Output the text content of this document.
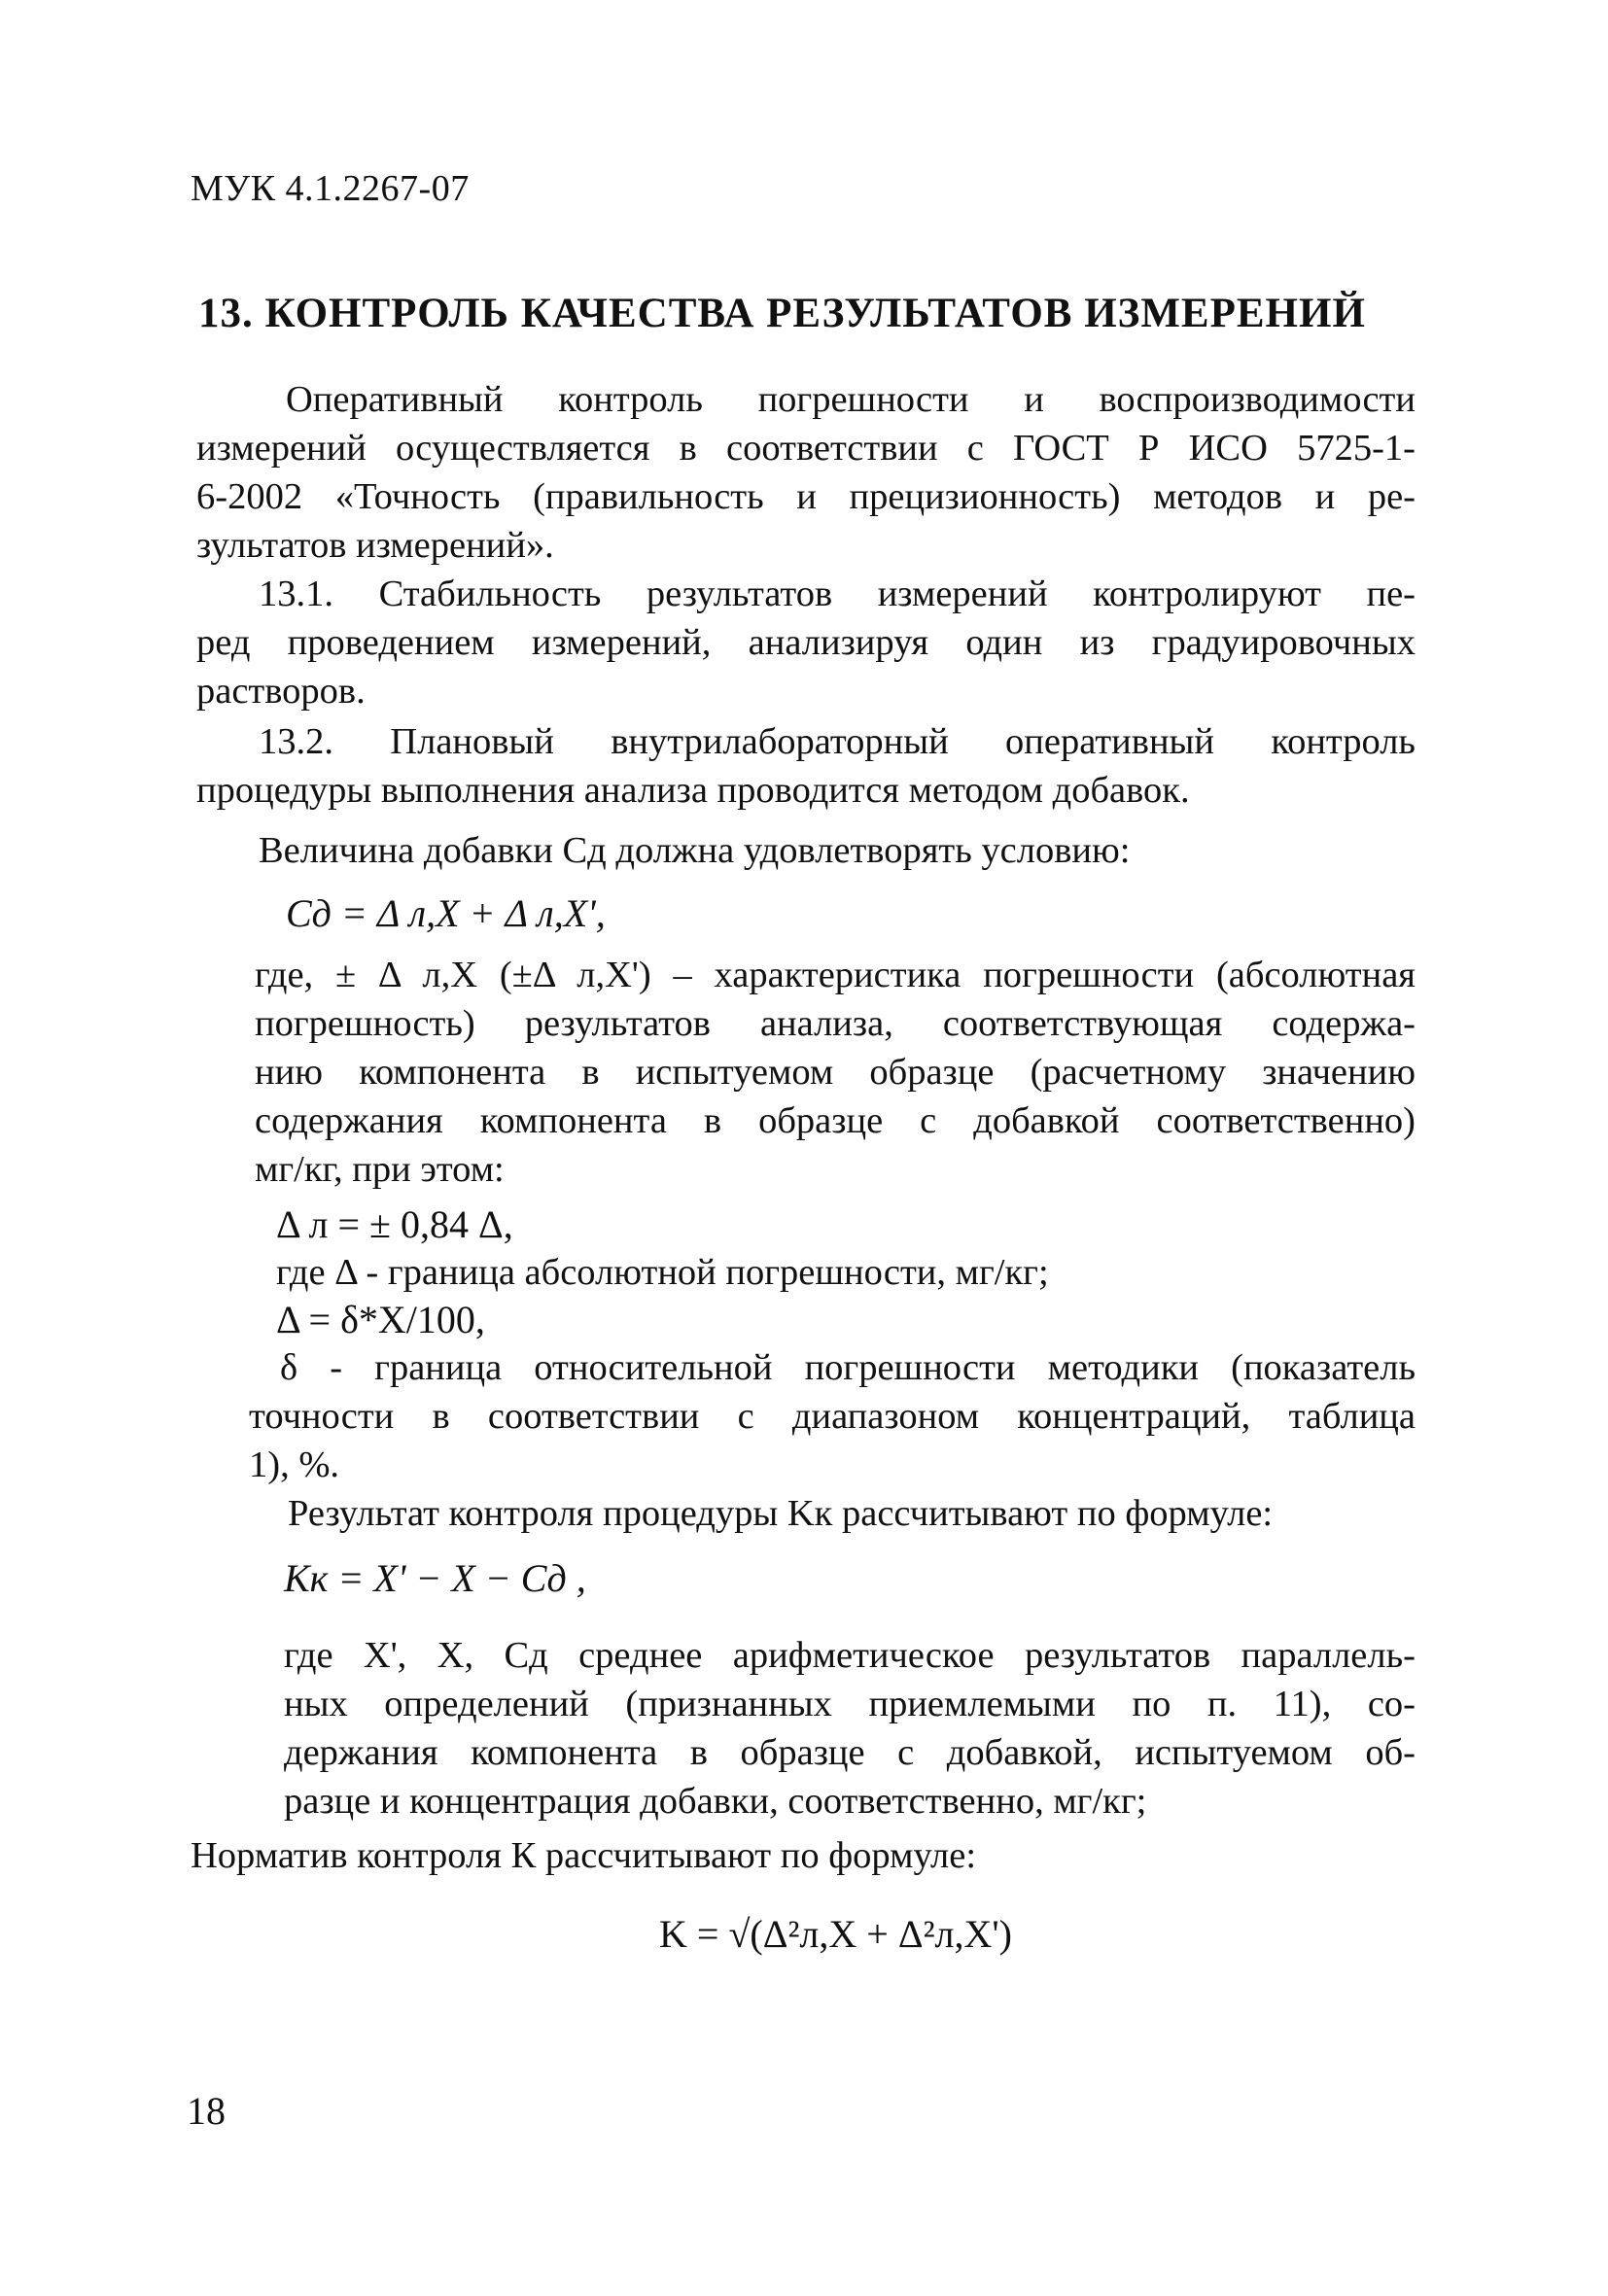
МУК 4.1.2267-07
13. КОНТРОЛЬ КАЧЕСТВА РЕЗУЛЬТАТОВ ИЗМЕРЕНИЙ
Оперативный контроль погрешности и воспроизводимости
измерений осуществляется в соответствии с ГОСТ Р ИСО 5725-1-
6-2002 «Точность (правильность и прецизионность) методов и ре-
зультатов измерений».
13.1. Стабильность результатов измерений контролируют пе-
ред проведением измерений, анализируя один из градуировочных
растворов.
13.2. Плановый внутрилабораторный оперативный контроль
процедуры выполнения анализа проводится методом добавок.
Величина добавки Cд должна удовлетворять условию:
Cд = Δ л,X + Δ л,X',
где, ± Δ л,X (±Δ л,X') – характеристика погрешности (абсолютная
погрешность) результатов анализа, соответствующая содержа-
нию компонента в испытуемом образце (расчетному значению
содержания компонента в образце с добавкой соответственно)
мг/кг, при этом:
Δ л = ± 0,84 Δ,
где Δ - граница абсолютной погрешности, мг/кг;
Δ = δ*X/100,
δ - граница относительной погрешности методики (показатель
точности в соответствии с диапазоном концентраций, таблица
1), %.
Результат контроля процедуры Kк рассчитывают по формуле:
Kк = X' − X − Cд ,
где X', X, Cд среднее арифметическое результатов параллель-
ных определений (признанных приемлемыми по п. 11), со-
держания компонента в образце с добавкой, испытуемом об-
разце и концентрация добавки, соответственно, мг/кг;
Норматив контроля К рассчитывают по формуле:
K = √(Δ²л,X + Δ²л,X')
18
